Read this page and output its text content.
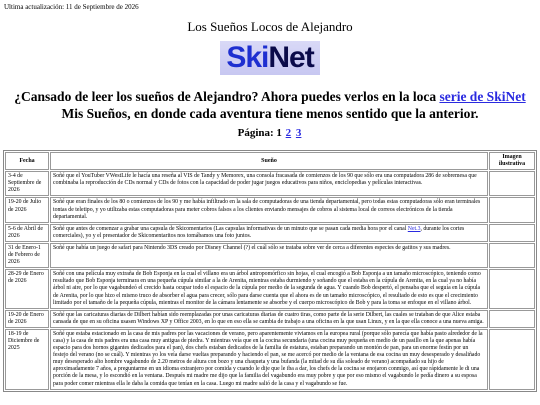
Ultima actualización: 11 de Septiembre de 2026
Los Sueños Locos de Alejandro
Ski Net
¿Cansado de leer los sueños de Alejandro? Ahora puedes verlos en la loca serie de SkiNet
Mis Sueños, en donde cada aventura tiene menos sentido que la anterior.
Página: 1 2 3
Fecha	Sueño	Imagen ilustrativa
3-4 de Septiembre de 2026	Soñé que el YouTuber VWestLife le hacía una reseña al VIS de Tandy y Memorex, una consola fracasada de comienzos de los 90 que sólo era una computadora 286 de sobremesa que combinaba la reproducción de CDs normal y CDs de fotos con la capacidad de poder jugar juegos educativos para niños, enciclopedias y películas interactivas.	
19-20 de Julio de 2026	Soñé que eran finales de los 80 o comienzos de los 90 y me había infiltrado en la sala de computadoras de una tienda departamental, pero todas estas computadoras sólo eran terminales tontas de teletipo, y yo utilizaba estas computadoras para meter cobros falsos a los clientes enviando mensajes de cobros al sistema local de correos electrónicos de la tienda departamental.	
5-6 de Abril de 2026	Soñé que antes de comenzar a grabar una capsula de Skicomentarios (Las capsulas informativas de un minuto que se pasan cada media hora por el canal Net.3, durante los cortes comerciales), yo y el presentador de Skicomentaritos nos tomábamos una foto juntos.	
31 de Enero-1 de Febrero de 2026	Soñé que había un juego de safari para Nintendo 3DS creado por Disney Channel (?) el cuál sólo se trataba sobre ver de cerca a diferentes especies de gatitos y sus madres.	
28-29 de Enero de 2026	Soñé con una película muy extraña de Bob Esponja en la cual el villano era un árbol antropomórfico sin hojas, el cual encogió a Bob Esponja a un tamaño microscópico, teniendo como resultado que Bob Esponja terminara en una pequeña cúpula similar a la de Arenita, mientras estaba durmiendo y soñando que el estaba en la cúpula de Arenita, en la cual ya no había árbol ni aire, por lo que vagabundeó el crecido hasta ocupar todo el espacio de la cúpula por medio de la segunda de agua. Y cuando Bob despertó, el pensaba que el seguía en la cúpula de Arenita, por lo que hizo el mismo truco de absorber el agua para crecer, sólo para darse cuenta que el ahora es de un tamaño microscópico, el resultado de esto es que el crecimiento limitado por el tamaño de la pequeña cúpula, mientras el monitor de la cámara lentamente se absorbe y el cuerpo microscópico de Bob y para la toma se enfoque en el villano árbol.	
19-20 de Enero de 2026	Soñé que las caricaturas diarias de Dilbert habían sido reemplazadas por unas caricaturas diarias de cuatro tiras, como parte de la serie Dilbert, las cuales se trataban de que Alice estaba cansada de que en su oficina usasen Windows XP y Office 2003, en lo que en eso ella se cambia de trabajo a una oficina en la que usan Linux, y en la que ella conoce a una nueva amiga.	
18-19 de Diciembre de 2025	Soñé que estaba estacionado en la casa de mis padres por las vacaciones de verano, pero aparentemente viviamos en la europea rural (porque sólo parecía que había pasto alrededor de la casa) y la casa de mis padres era una casa muy antigua de piedra. Y mientras veía que en la cocina secundaria (una cocina muy pequeña en medio de un pasillo en la que apenas había espacio para dos hornos gigantes dedicados para el pan), dos chefs estaban dedicados de la familia de estatura, estaban preparando un montón de pan, para un enorme festín por un festejo del verano (no se cuál). Y mientras yo los veía darse vueltas preparando y haciendo el pan, se me acercó por medio de la ventana de esa cocina un muy desesperado y desaliñado muy desesperado alto hombre vagabundo de 2.20 metros de altura con bozo y una chaqueta y una bufanda (la mitad de su día soleado de verano) acompañado su hijo de aproximadamente 7 años, a preguntarme en un idioma extranjero por comida y cuando le dije que le iba a dar, los chefs de la cocina se enojaron conmigo, así que rápidamente le di una porción de la mesa, y lo escondió en la ventana. Después mi madre me dijo que la familia del vagabundo era muy pobre y que por eso mismo el vagabundo le pedía dinero a su esposa para poder comer mientras ella le daba la comida que tenían en la casa. Luego mi madre salió de la casa y el vagabundo se fue.	
